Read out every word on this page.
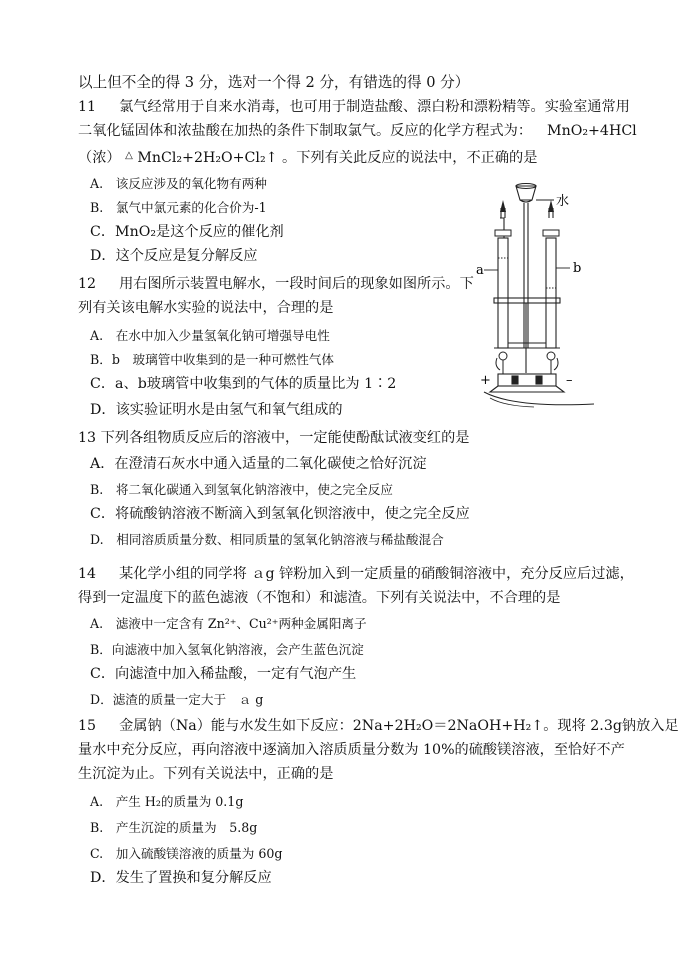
以上但不全的得 3 分，选对一个得 2 分，有错选的得 0 分）
11 氯气经常用于自来水消毒，也可用于制造盐酸、漂白粉和漂粉精等。实验室通常用
二氧化锰固体和浓盐酸在加热的条件下制取氯气。反应的化学方程式为： MnO₂+4HCl
（浓） △ MnCl₂+2H₂O+Cl₂↑ 。下列有关此反应的说法中，不正确的是
A.　该反应涉及的氧化物有两种
B.　氯气中氯元素的化合价为-1
C．MnO₂是这个反应的催化剂
D．这个反应是复分解反应
12 用右图所示装置电解水，一段时间后的现象如图所示。下
列有关该电解水实验的说法中，合理的是
A.　在水中加入少量氢氧化钠可增强导电性
B．b　玻璃管中收集到的是一种可燃性气体
C．a、b玻璃管中收集到的气体的质量比为 1∶2
D．该实验证明水是由氢气和氧气组成的
水
a	b
+	–
13 下列各组物质反应后的溶液中，一定能使酚酞试液变红的是
A．在澄清石灰水中通入适量的二氧化碳使之恰好沉淀
B.　将二氧化碳通入到氢氧化钠溶液中，使之完全反应
C．将硫酸钠溶液不断滴入到氢氧化钡溶液中，使之完全反应
D.　相同溶质质量分数、相同质量的氢氧化钠溶液与稀盐酸混合
14 某化学小组的同学将 ａg 锌粉加入到一定质量的硝酸铜溶液中，充分反应后过滤，
得到一定温度下的蓝色滤液（不饱和）和滤渣。下列有关说法中，不合理的是
A.　滤液中一定含有 Zn²⁺、Cu²⁺两种金属阳离子
B．向滤液中加入氢氧化钠溶液，会产生蓝色沉淀
C．向滤渣中加入稀盐酸，一定有气泡产生
D．滤渣的质量一定大于　ａ g
15 金属钠（Na）能与水发生如下反应：2Na+2H₂O＝2NaOH+H₂↑。现将 2.3g钠放入足
量水中充分反应，再向溶液中逐滴加入溶质质量分数为 10%的硫酸镁溶液，至恰好不产
生沉淀为止。下列有关说法中，正确的是
A.　产生 H₂的质量为 0.1g
B.　产生沉淀的质量为　5.8g
C.　加入硫酸镁溶液的质量为 60g
D．发生了置换和复分解反应
